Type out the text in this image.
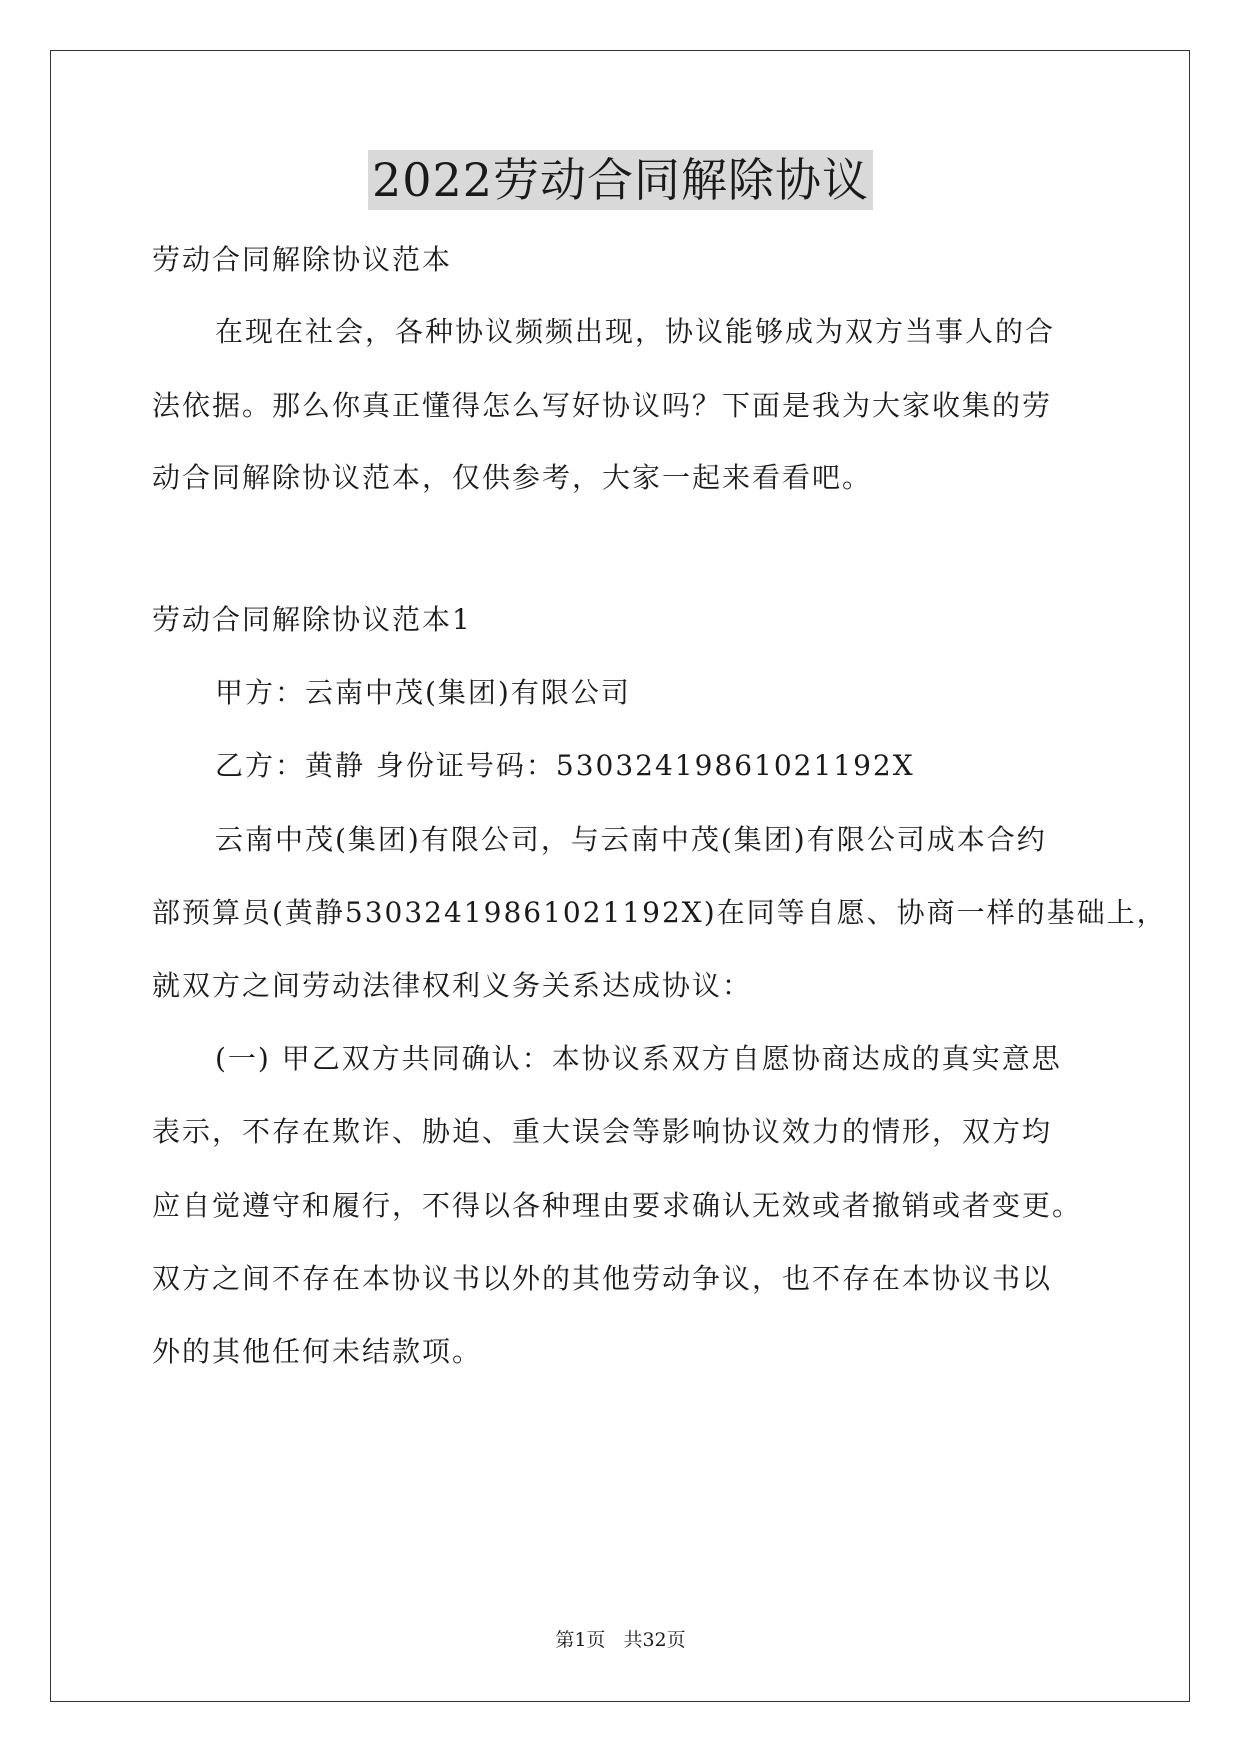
2022劳动合同解除协议
劳动合同解除协议范本
在现在社会，各种协议频频出现，协议能够成为双方当事人的合
法依据。那么你真正懂得怎么写好协议吗？下面是我为大家收集的劳
动合同解除协议范本，仅供参考，大家一起来看看吧。
劳动合同解除协议范本1
甲方：云南中茂(集团)有限公司
乙方：黄静 身份证号码：53032419861021192X
云南中茂(集团)有限公司，与云南中茂(集团)有限公司成本合约
部预算员(黄静53032419861021192X)在同等自愿、协商一样的基础上，
就双方之间劳动法律权利义务关系达成协议：
(一) 甲乙双方共同确认：本协议系双方自愿协商达成的真实意思
表示，不存在欺诈、胁迫、重大误会等影响协议效力的情形，双方均
应自觉遵守和履行，不得以各种理由要求确认无效或者撤销或者变更。
双方之间不存在本协议书以外的其他劳动争议，也不存在本协议书以
外的其他任何未结款项。
第1页 共32页
